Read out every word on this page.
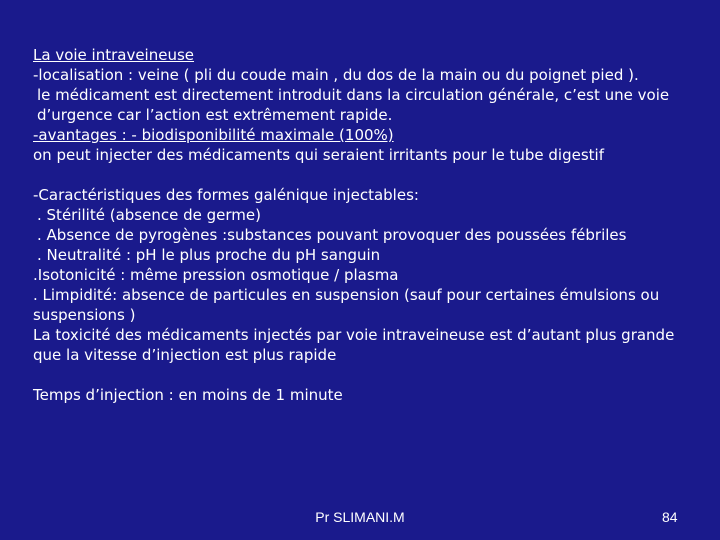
La voie intraveineuse
-localisation : veine ( pli du coude main , du dos de la main ou du poignet pied ).
le médicament est directement introduit dans la circulation générale, c’est une voie d’urgence car l’action est extrêmement rapide.
-avantages : - biodisponibilité maximale (100%)
on peut injecter des médicaments qui seraient irritants pour le tube digestif
-Caractéristiques des formes galénique injectables:
. Stérilité (absence de germe)
. Absence de pyrogènes :substances pouvant provoquer des poussées fébriles
. Neutralité : pH le plus proche du pH sanguin
.Isotonicité : même pression osmotique / plasma
. Limpidité: absence de particules en suspension (sauf pour certaines émulsions ou suspensions )
La toxicité des médicaments injectés par voie intraveineuse est d’autant plus grande que la vitesse d’injection est plus rapide
Temps d’injection : en moins de 1 minute
Pr SLIMANI.M	84
